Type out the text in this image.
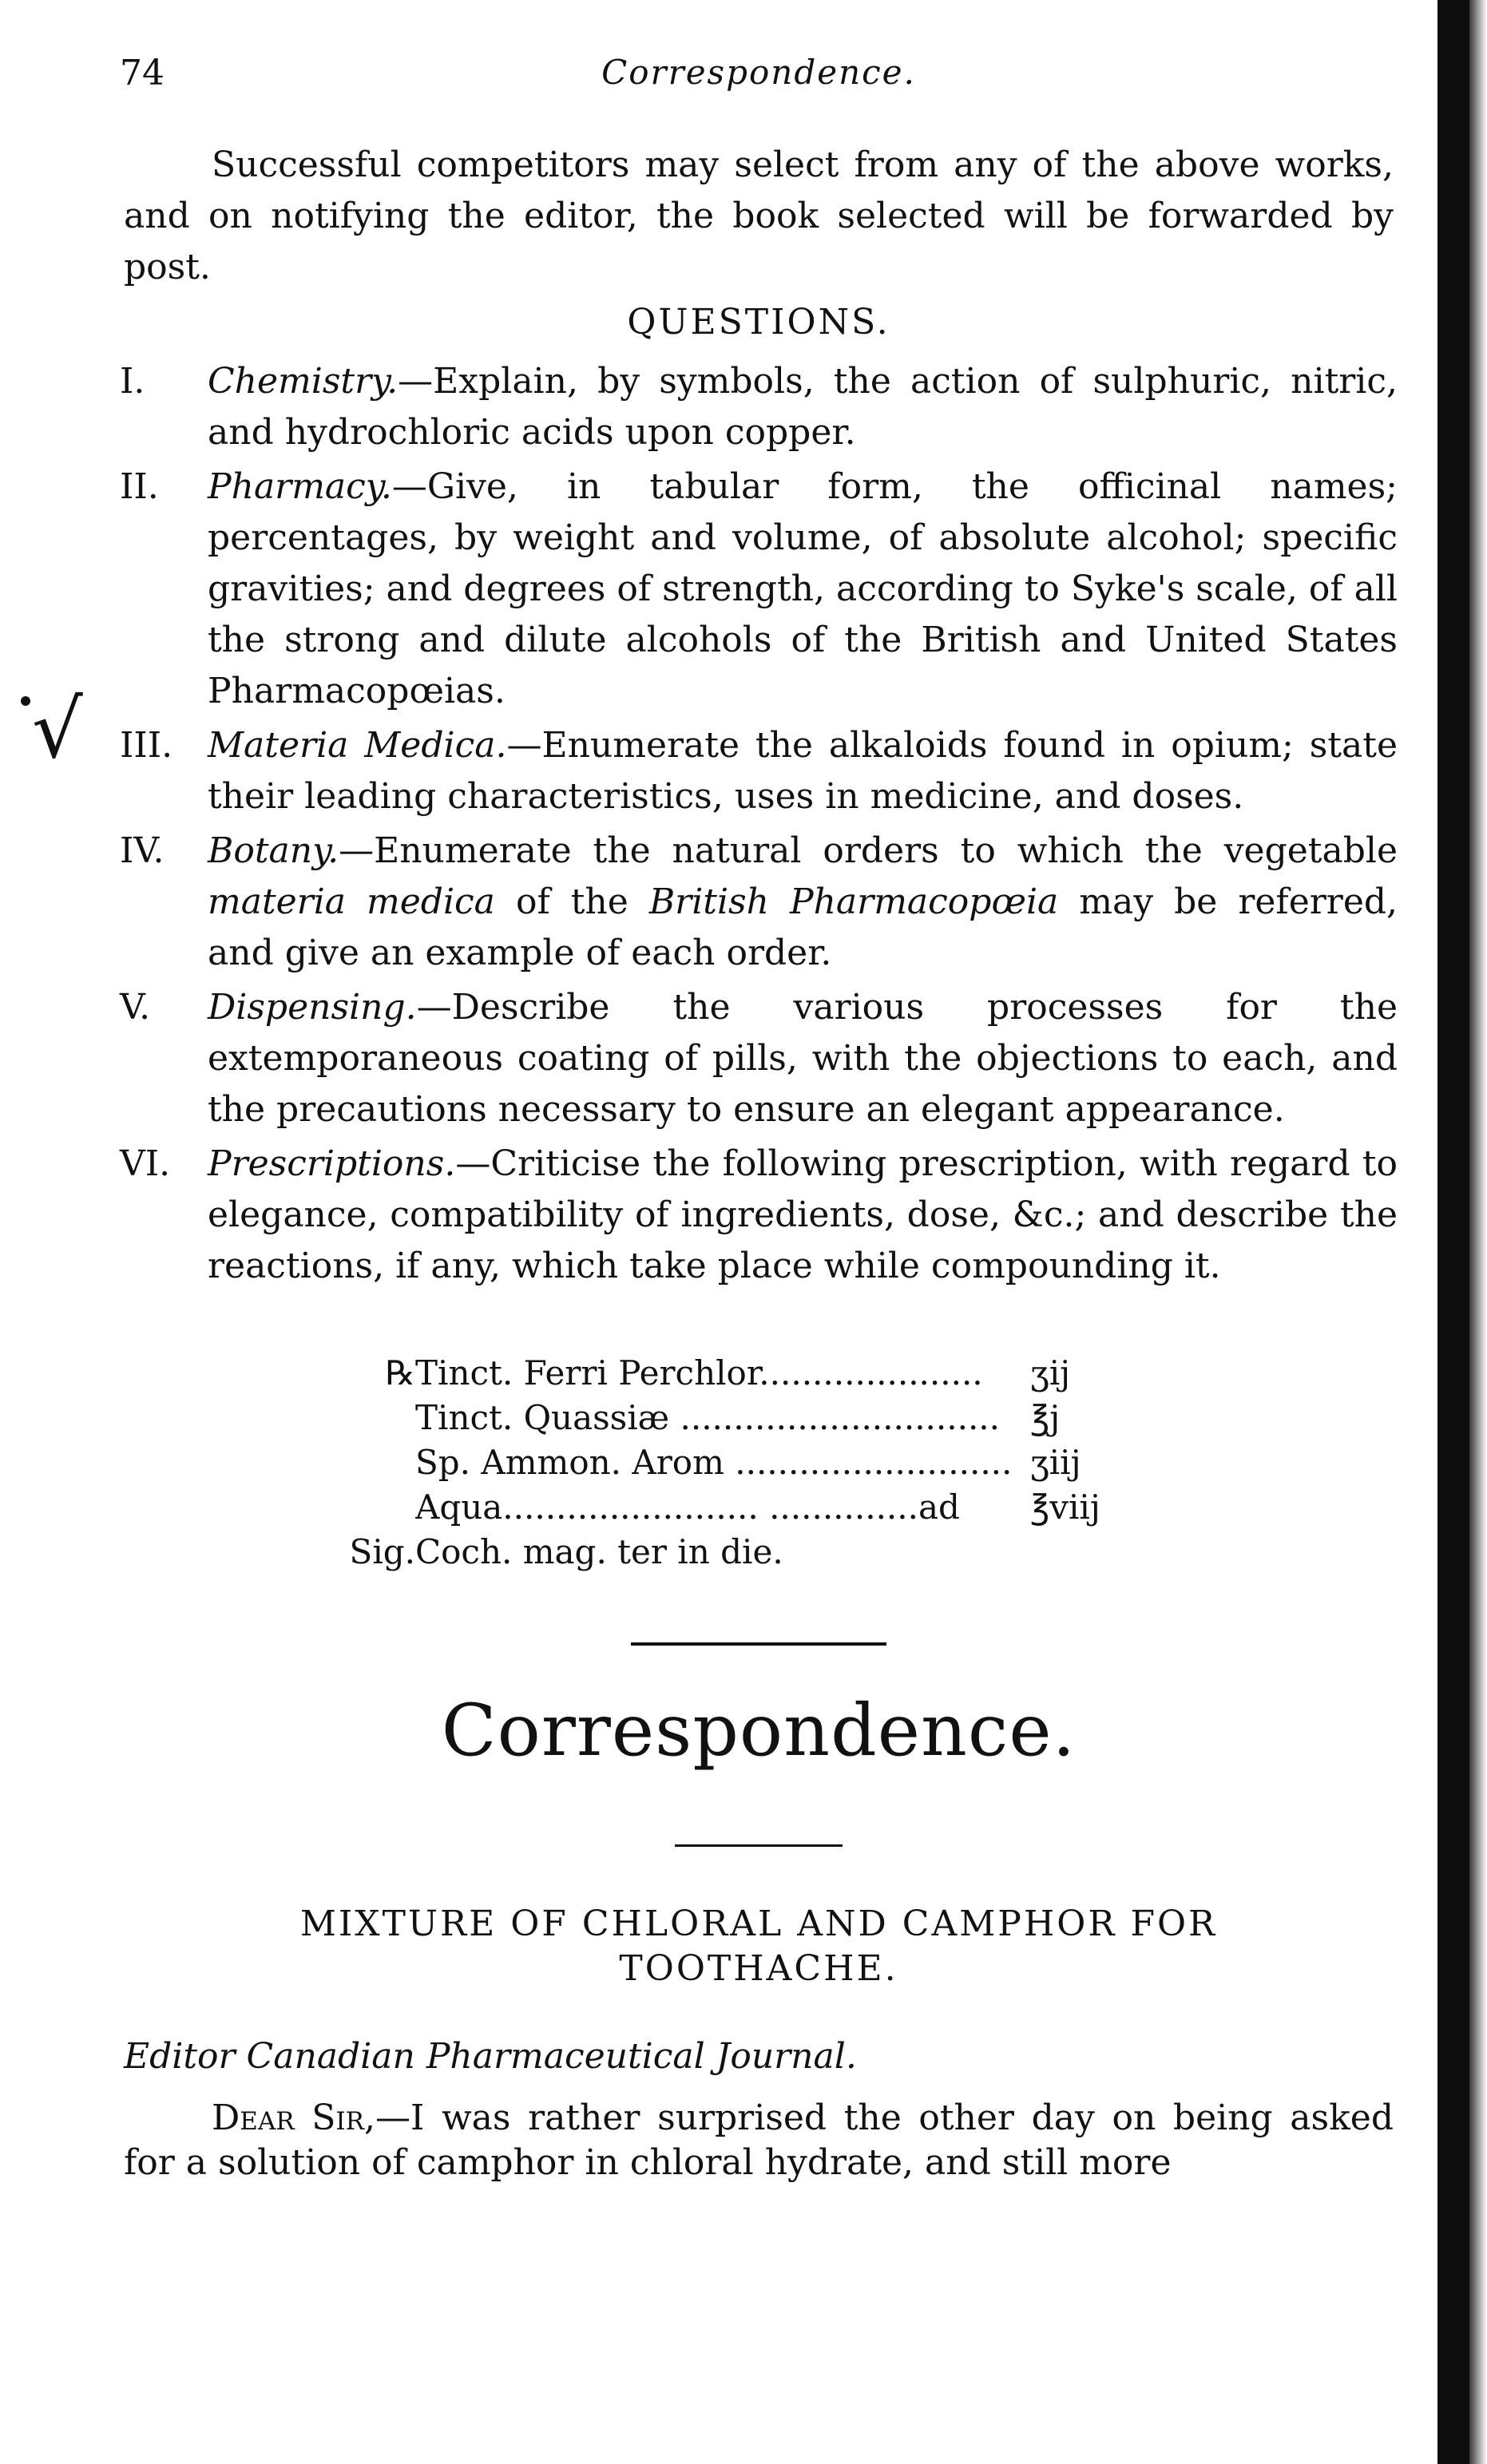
74	Correspondence.
Successful competitors may select from any of the above works, and on notifying the editor, the book selected will be forwarded by post.
QUESTIONS.
√
I.	Chemistry.—Explain, by symbols, the action of sulphuric, nitric, and hydrochloric acids upon copper.
II.	Pharmacy.—Give, in tabular form, the officinal names; percentages, by weight and volume, of absolute alcohol; specific gravities; and degrees of strength, according to Syke's scale, of all the strong and dilute alcohols of the British and United States Pharmacopœias.
III. Materia Medica.—Enumerate the alkaloids found in opium; state their leading characteristics, uses in medicine, and doses.
IV.	Botany.—Enumerate the natural orders to which the vegetable materia medica of the British Pharmacopœia may be referred, and give an example of each order.
V.	Dispensing.—Describe the various processes for the extemporaneous coating of pills, with the objections to each, and the precautions necessary to ensure an elegant appearance.
VI.	Prescriptions.—Criticise the following prescription, with regard to elegance, compatibility of ingredients, dose, &c.; and describe the reactions, if any, which take place while compounding it.
℞ Tinct. Ferri Perchlor.....................	ʒij
Tinct. Quassiæ .............................. ℥j
Sp. Ammon. Arom .......................... ʒiij
Aqua........................ ..............ad	℥viij
Sig. Coch. mag. ter in die.
Correspondence.
MIXTURE OF CHLORAL AND CAMPHOR FOR TOOTHACHE.
Editor Canadian Pharmaceutical Journal.
Dear Sir,—I was rather surprised the other day on being asked for a solution of camphor in chloral hydrate, and still more
